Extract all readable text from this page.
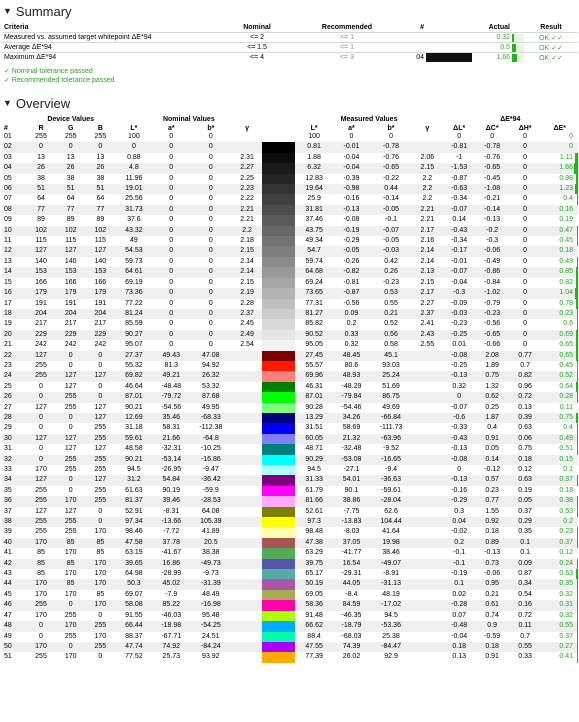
▼ Summary
Criteria	Nominal	Recommended	#		Actual		Result
Measured vs. assumed target whitepoint ΔE*94	<= 2	<= 1			0.32		OK ✓✓
Average ΔE*94	<= 1.5	<= 1			0.5		OK ✓✓
Maximum ΔE*94	<= 4	<= 3	04		1.66		OK ✓✓
✓ Nominal tolerance passed
✓ Recommended tolerance passed
▼ Overview
	Device Values			Nominal Values					Measured Values				ΔE*94			
#	R	G	B	L*	a*	b*	γ		L*	a*	b*	γ	ΔL*	ΔC*	ΔH*	ΔE*
01	255	255	255	100	0	0			100	0	0		0	0	0	0

02	0	0	0	0	0	0			0.81	-0.01	-0.78		-0.81	-0.78	0	0

03	13	13	13	0.88	0	0	2.31		1.88	-0.04	-0.76	2.06	-1	-0.76	0	1.11

04	26	26	26	4.8	0	0	2.27		6.32	-0.04	-0.65	2.15	-1.53	-0.65	0	1.66

05	38	38	38	11.96	0	0	2.25		12.83	-0.39	-0.22	2.2	-0.87	-0.45	0	0.98

06	51	51	51	19.01	0	0	2.23		19.64	-0.98	0.44	2.2	-0.63	-1.08	0	1.23

07	64	64	64	25.56	0	0	2.22		25.9	-0.16	-0.14	2.2	-0.34	-0.21	0	0.4

08	77	77	77	31.73	0	0	2.21		31.81	-0.13	-0.05	2.21	-0.07	-0.14	0	0.16

09	89	89	89	37.6	0	0	2.21		37.46	-0.08	-0.1	2.21	0.14	-0.13	0	0.19

10	102	102	102	43.32	0	0	2.2		43.75	-0.19	-0.07	2.17	-0.43	-0.2	0	0.47

11	115	115	115	49	0	0	2.18		49.34	-0.29	-0.05	2.16	-0.34	-0.3	0	0.45

12	127	127	127	54.53	0	0	2.15		54.7	-0.05	-0.03	2.14	-0.17	-0.06	0	0.18

13	140	140	140	59.73	0	0	2.14		59.74	-0.26	0.42	2.14	-0.01	-0.49	0	0.49

14	153	153	153	64.61	0	0	2.14		64.68	-0.82	0.26	2.13	-0.07	-0.86	0	0.85

15	166	166	166	69.19	0	0	2.15		69.24	-0.81	-0.23	2.15	-0.04	-0.84	0	0.82

16	179	179	179	73.36	0	0	2.19		73.65	-0.87	0.53	2.17	-0.3	-1.02	0	1.04

17	191	191	191	77.22	0	0	2.28		77.31	-0.56	0.55	2.27	-0.09	-0.79	0	0.78

18	204	204	204	81.24	0	0	2.37		81.27	0.09	0.21	2.37	-0.03	-0.23	0	0.23

19	217	217	217	85.59	0	0	2.45		85.82	0.2	0.52	2.41	-0.23	-0.56	0	0.6

20	229	229	229	90.27	0	0	2.49		90.52	0.33	0.56	2.43	-0.25	-0.65	0	0.69

21	242	242	242	95.07	0	0	2.54		95.05	0.32	0.58	2.55	0.01	-0.66	0	0.65

22	127	0	0	27.37	49.43	47.08			27.45	48.45	45.1		-0.08	2.08	0.77	0.65

23	255	0	0	55.32	81.3	94.92			55.57	80.6	93.03		-0.25	1.89	0.7	0.45

24	255	127	127	69.82	49.21	26.32			69.96	48.93	25.24		-0.13	0.75	0.82	0.52

25	0	127	0	46.64	-48.48	53.32			46.31	-48.29	51.69		0.32	1.32	0.96	0.64

26	0	255	0	87.01	-79.72	87.68			87.01	-79.84	86.75		0	0.62	0.72	0.28

27	127	255	127	90.21	-54.56	49.95			90.28	-54.46	49.69		-0.07	0.25	0.13	0.11

28	0	0	127	12.69	35.46	-68.33			13.29	34.26	-66.84		-0.6	1.87	0.39	0.75

29	0	0	255	31.18	58.31	-112.38			31.51	58.69	-111.73		-0.33	0.4	0.63	0.4

30	127	127	255	59.61	21.66	-64.8			60.05	21.32	-63.96		-0.43	0.91	0.06	0.49

31	0	127	127	48.58	-32.31	-10.25			48.71	-32.48	-9.52		-0.13	0.05	0.75	0.51

32	0	255	255	90.21	-53.14	-16.86			90.29	-53.08	-16.65		-0.08	0.14	0.18	0.15

33	170	255	255	94.5	-26.95	-9.47			94.5	-27.1	-9.4		0	-0.12	0.12	0.1

34	127	0	127	31.2	54.84	-36.42			31.33	54.01	-36.63		-0.13	0.57	0.63	0.37

35	255	0	255	61.63	90.19	-59.9			61.79	90.1	-59.61		-0.16	0.23	0.19	0.18

36	255	170	255	81.37	39.46	-28.53			81.66	38.86	-28.04		-0.29	0.77	0.05	0.38

37	127	127	0	52.91	-8.31	64.08			52.61	-7.75	62.6		0.3	1.55	0.37	0.53

38	255	255	0	97.34	-13.66	105.39			97.3	-13.83	104.44		0.04	0.92	0.29	0.2

39	255	255	170	98.46	-7.72	41.89			98.48	-8.03	41.64		-0.02	0.18	0.35	0.23

40	170	85	85	47.58	37.78	20.5			47.38	37.05	19.98		0.2	0.89	0.1	0.37

41	85	170	85	63.19	-41.67	38.38			63.29	-41.77	38.46		-0.1	-0.13	0.1	0.12

42	85	85	170	39.65	16.86	-49.73			39.75	16.54	-49.07		-0.1	0.73	0.09	0.24

43	85	170	170	64.98	-28.99	-9.73			65.17	-29.31	-8.91		-0.19	-0.06	0.87	0.63

44	170	85	170	50.3	45.02	-31.39			50.19	44.05	-31.13		0.1	0.95	0.34	0.35

45	170	170	85	69.07	-7.9	48.49			69.05	-8.4	48.19		0.02	0.21	0.54	0.32

46	255	0	170	58.08	85.22	-16.98			58.36	84.59	-17.02		-0.28	0.61	0.16	0.31

47	170	255	0	91.55	-46.03	95.48			91.48	-46.35	94.5		0.07	0.74	0.72	0.32

48	0	170	255	66.44	-18.98	-54.25			66.62	-18.79	-53.36		-0.48	0.9	0.11	0.55

49	0	255	170	88.37	-67.71	24.51			88.4	-68.03	25.38		-0.04	-0.59	0.7	0.37

50	170	0	255	47.74	74.92	-84.24			47.55	74.39	-84.47		0.18	0.18	0.55	0.27

51	255	170	0	77.52	25.73	93.92			77.39	26.02	92.9		0.13	0.91	0.33	0.41
